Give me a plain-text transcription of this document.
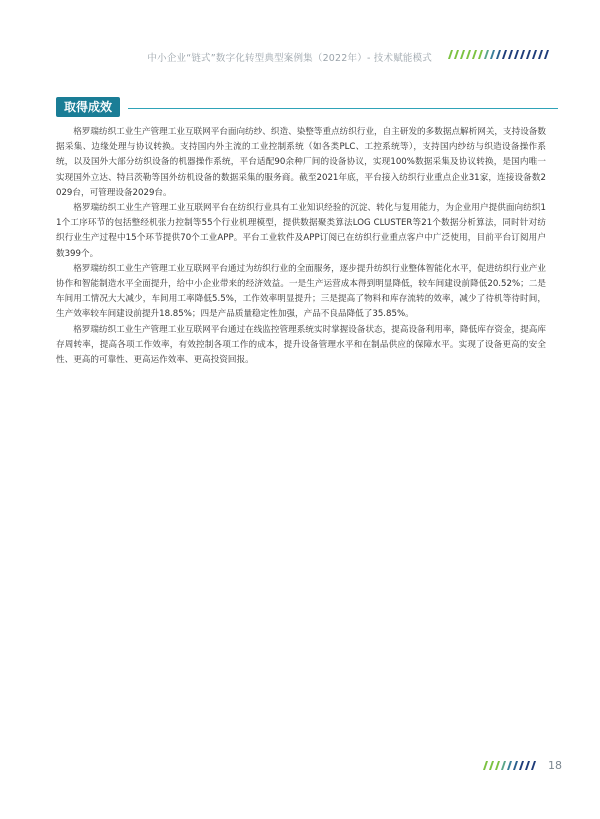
中小企业“链式”数字化转型典型案例集（2022年）- 技术赋能模式
取得成效

格罗瑞纺织工业生产管理工业互联网平台面向纺纱、织造、染整等重点纺织行业，自主研发的多数据点解析网关，支持设备数据采集、边缘处理与协议转换。支持国内外主流的工业控制系统（如各类PLC、工控系统等），支持国内纱纺与织造设备操作系统，以及国外大部分纺织设备的机器操作系统，平台适配90余种厂间的设备协议，实现100%数据采集及协议转换，是国内唯一实现国外立达、特吕茨勒等国外纺机设备的数据采集的服务商。截至2021年底，平台接入纺织行业重点企业31家，连接设备数2029台，可管理设备2029台。

格罗瑞纺织工业生产管理工业互联网平台在纺织行业具有工业知识经验的沉淀、转化与复用能力，为企业用户提供面向纺织11个工序环节的包括整经机张力控制等55个行业机理模型，提供数据聚类算法LOG CLUSTER等21个数据分析算法，同时针对纺织行业生产过程中15个环节提供70个工业APP。平台工业软件及APP订阅已在纺织行业重点客户中广泛使用，目前平台订阅用户数399个。

格罗瑞纺织工业生产管理工业互联网平台通过为纺织行业的全面服务，逐步提升纺织行业整体智能化水平，促进纺织行业产业协作和智能制造水平全面提升，给中小企业带来的经济效益。一是生产运营成本得到明显降低，较车间建设前降低20.52%；二是车间用工情况大大减少，车间用工率降低5.5%，工作效率明显提升；三是提高了物料和库存流转的效率，减少了待机等待时间，生产效率较车间建设前提升18.85%；四是产品质量稳定性加强，产品不良品降低了35.85%。

格罗瑞纺织工业生产管理工业互联网平台通过在线监控管理系统实时掌握设备状态，提高设备利用率，降低库存资金，提高库存周转率，提高各项工作效率，有效控制各项工作的成本，提升设备管理水平和在制品供应的保障水平。实现了设备更高的安全性、更高的可靠性、更高运作效率、更高投资回报。

18
